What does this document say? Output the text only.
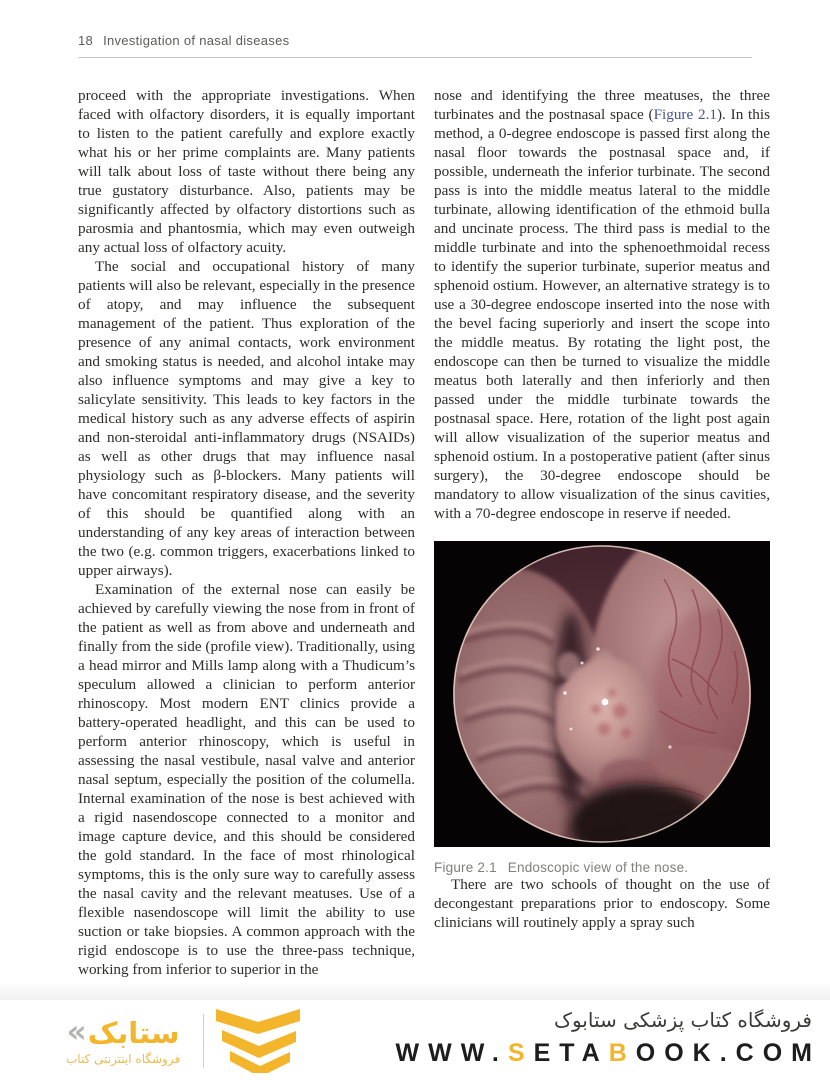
18 Investigation of nasal diseases

proceed with the appropriate investigations. When faced with olfactory disorders, it is equally important to listen to the patient carefully and explore exactly what his or her prime complaints are. Many patients will talk about loss of taste without there being any true gustatory disturbance. Also, patients may be significantly affected by olfactory distortions such as parosmia and phantosmia, which may even outweigh any actual loss of olfactory acuity.

The social and occupational history of many patients will also be relevant, especially in the presence of atopy, and may influence the subsequent management of the patient. Thus exploration of the presence of any animal contacts, work environment and smoking status is needed, and alcohol intake may also influence symptoms and may give a key to salicylate sensitivity. This leads to key factors in the medical history such as any adverse effects of aspirin and non-steroidal anti-inflammatory drugs (NSAIDs) as well as other drugs that may influence nasal physiology such as β-blockers. Many patients will have concomitant respiratory disease, and the severity of this should be quantified along with an understanding of any key areas of interaction between the two (e.g. common triggers, exacerbations linked to upper airways).

Examination of the external nose can easily be achieved by carefully viewing the nose from in front of the patient as well as from above and underneath and finally from the side (profile view). Traditionally, using a head mirror and Mills lamp along with a Thudicum’s speculum allowed a clinician to perform anterior rhinoscopy. Most modern ENT clinics provide a battery-operated headlight, and this can be used to perform anterior rhinoscopy, which is useful in assessing the nasal vestibule, nasal valve and anterior nasal septum, especially the position of the columella. Internal examination of the nose is best achieved with a rigid nasendoscope connected to a monitor and image capture device, and this should be considered the gold standard. In the face of most rhinological symptoms, this is the only sure way to carefully assess the nasal cavity and the relevant meatuses. Use of a flexible nasendoscope will limit the ability to use suction or take biopsies. A common approach with the rigid endoscope is to use the three-pass technique, working from inferior to superior in the

nose and identifying the three meatuses, the three turbinates and the postnasal space (Figure 2.1). In this method, a 0-degree endoscope is passed first along the nasal floor towards the postnasal space and, if possible, underneath the inferior turbinate. The second pass is into the middle meatus lateral to the middle turbinate, allowing identification of the ethmoid bulla and uncinate process. The third pass is medial to the middle turbinate and into the sphenoethmoidal recess to identify the superior turbinate, superior meatus and sphenoid ostium. However, an alternative strategy is to use a 30-degree endoscope inserted into the nose with the bevel facing superiorly and insert the scope into the middle meatus. By rotating the light post, the endoscope can then be turned to visualize the middle meatus both laterally and then inferiorly and then passed under the middle turbinate towards the postnasal space. Here, rotation of the light post again will allow visualization of the superior meatus and sphenoid ostium. In a postoperative patient (after sinus surgery), the 30-degree endoscope should be mandatory to allow visualization of the sinus cavities, with a 70-degree endoscope in reserve if needed.

Figure 2.1 Endoscopic view of the nose.

There are two schools of thought on the use of decongestant preparations prior to endoscopy. Some clinicians will routinely apply a spray such

« ستابک
فروشگاه اینترنتی کتاب
فروشگاه کتاب پزشکی ستابوک
WWW.SETABOOK.COM
